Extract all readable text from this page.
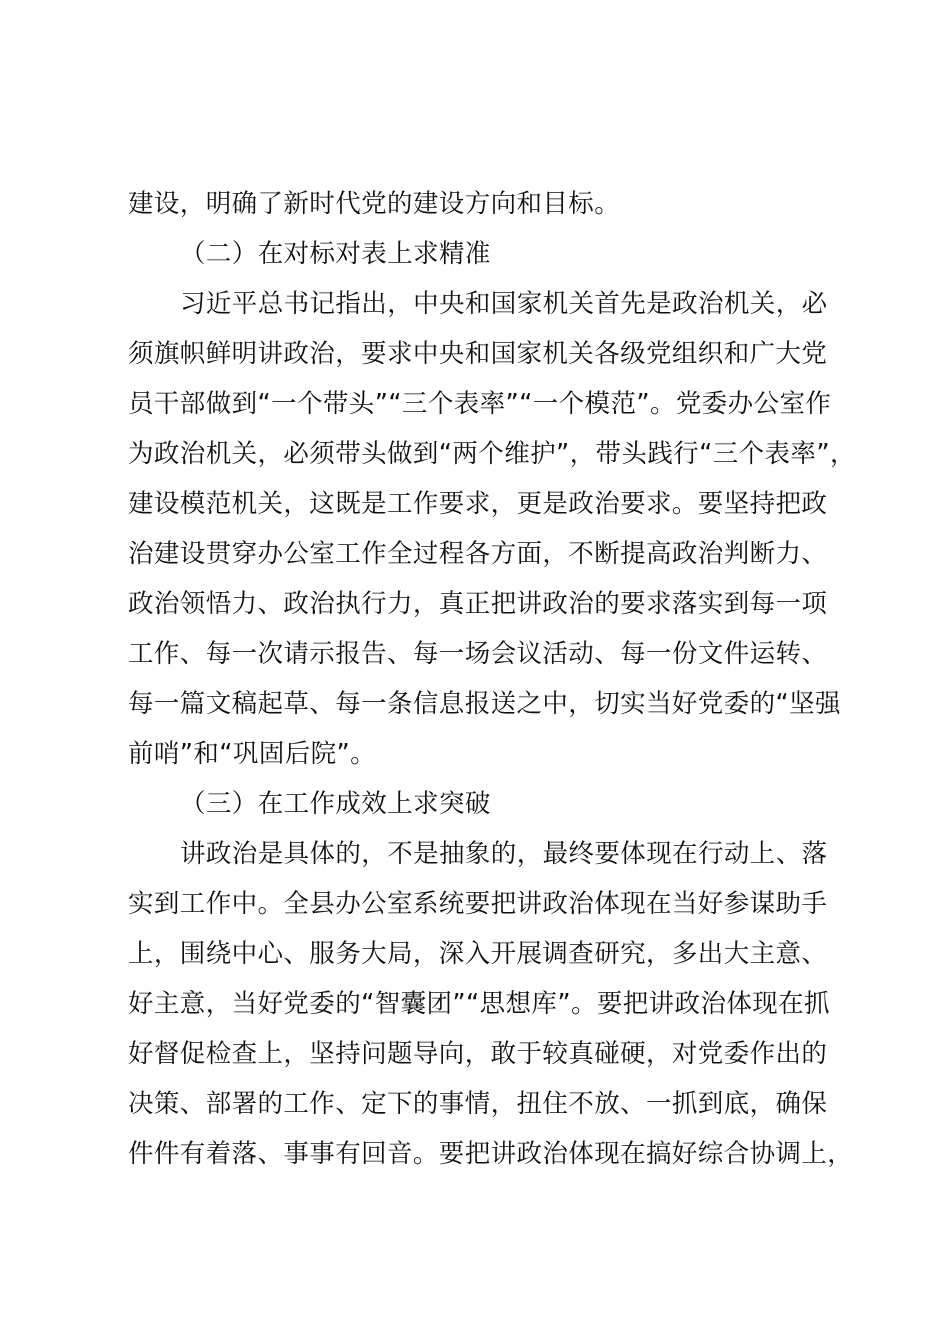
建设，明确了新时代党的建设方向和目标。

（二）在对标对表上求精准

习近平总书记指出，中央和国家机关首先是政治机关，必

须旗帜鲜明讲政治，要求中央和国家机关各级党组织和广大党

员干部做到“一个带头”“三个表率”“一个模范”。党委办公室作

为政治机关，必须带头做到“两个维护”，带头践行“三个表率”，

建设模范机关，这既是工作要求，更是政治要求。要坚持把政

治建设贯穿办公室工作全过程各方面，不断提高政治判断力、

政治领悟力、政治执行力，真正把讲政治的要求落实到每一项

工作、每一次请示报告、每一场会议活动、每一份文件运转、

每一篇文稿起草、每一条信息报送之中，切实当好党委的“坚强

前哨”和“巩固后院”。

（三）在工作成效上求突破

讲政治是具体的，不是抽象的，最终要体现在行动上、落

实到工作中。全县办公室系统要把讲政治体现在当好参谋助手

上，围绕中心、服务大局，深入开展调查研究，多出大主意、

好主意，当好党委的“智囊团”“思想库”。要把讲政治体现在抓

好督促检查上，坚持问题导向，敢于较真碰硬，对党委作出的

决策、部署的工作、定下的事情，扭住不放、一抓到底，确保

件件有着落、事事有回音。要把讲政治体现在搞好综合协调上，
